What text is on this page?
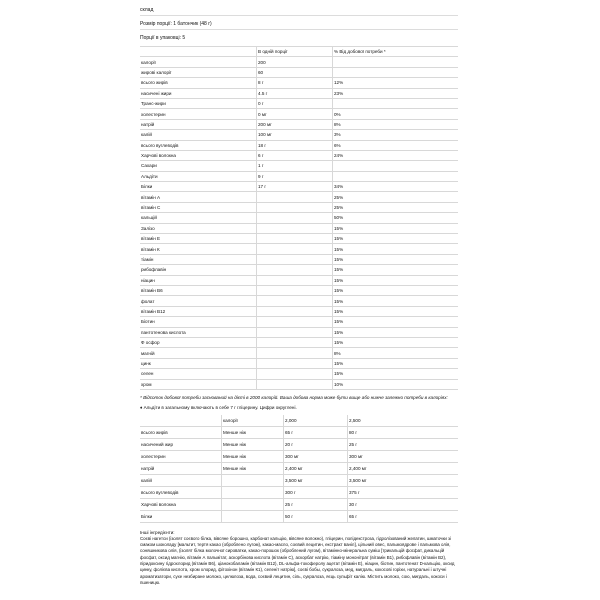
склад
Розмір порції: 1 батончик (48 г)
Порції в упаковці: 5
	В одній порції	% Від добової потреби *
калорії	200	
жирові калорії	60	
всього жирів	8 г	12%
насичені жири	4.5 г	23%
Транс-жири	0 г	
холестерин	0 мг	0%
натрій	200 мг	8%
калій	100 мг	3%
всього вуглеводів	18 г	6%
Харчові волокна	6 г	24%
Сахари	1 г	
Альдіти	9 г	
Білки	17 г	34%
вітамін А		25%
вітамін С		25%
кальцій		50%
Залізо		15%
вітамін Е		15%
вітамін К		15%
тіамін		15%
рибофлавін		15%
ніацин		15%
вітамін B6		15%
фолат		15%
вітамін B12		15%
Біотин		15%
пантотенова кислота		15%
Ф осфор		15%
магній		8%
цинк		15%
селен		15%
хром		10%
* Відсоток добової потреби заснований на дієті в 2000 калорій. Ваша добова норма може бути вище або нижче залежно потреби в калоріях:
♦ Альдіти в загальному включають в себе 7 г гліцерину. Цифри округлені.
	калорії	2,000	2,500
всього жирів	Менше ніж	65 г	80 г
насичений жир	Менше ніж	20 г	25 г
холестерин	Менше ніж	300 мг	300 мг
натрій	Менше ніж	2,400 мг	2,400 мг
калій		3,500 мг	3,500 мг
всього вуглеводів		300 г	375 г
Харчові волокна		25 г	30 г
Білки		50 г	65 г
Інші інгредієнти:
Соєві нагетси (ізолят соєвого білка, вівсяне борошно, карбонат кальцію, вівсяне волокно), гліцерин, полідекстроза, гідролізований желатин, шматочки зі смаком шоколаду [мальтит, тертя какао (оброблено лугом), какао-масло, соєвий лецитин, екстракт ваніл], цільний овес, пальмоядрове і пальмова олія, соняшникова олія, (ізолят білка молочної сироватки, какао-порошок (оброблений лугом), вітамінно-мінеральна суміш [трикальцій фосфат, дикальцій фосфат, оксид магнію, вітамін А пальмітат, аскорбінова кислота (вітамін С), аскорбат натрію, тіаміну мононітрат (вітамін B1), рибофлавін (вітамін B2), піридоксину гідрохлорид (вітамін B6), ціанокобаламін (вітамін B12), DL-альфа-токоферолу ацетат (вітамін Е), ніацин, біотин, пантотенат D-кальцію, оксид цинку, фолієва кислота, хром хлорид, фітохінон (вітамін К1), селеніт натрію], соєві бобы, сукралоза, мед, мигдаль, кокосові горіхи, натуральні і штучні ароматизатори, сухе незбиране молоко, целюлоза, вода, соєвий лецитин, сіль, сукралоза, яєць сульфіт калію. Містить молоко, сою, мигдаль, кокоси і пшеницю.
